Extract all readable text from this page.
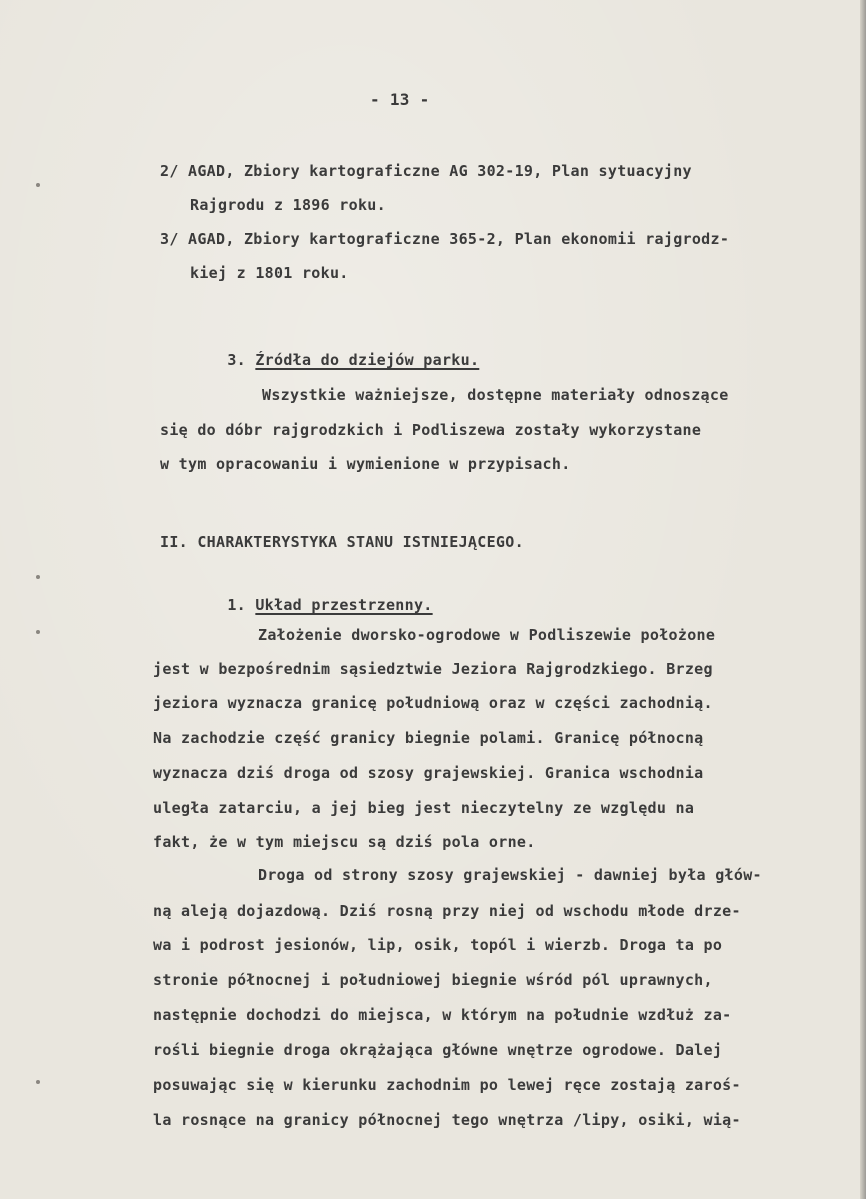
- 13 -
2/ AGAD, Zbiory kartograficzne AG 302-19, Plan sytuacyjny
Rajgrodu z 1896 roku.
3/ AGAD, Zbiory kartograficzne 365-2, Plan ekonomii rajgrodz-
kiej z 1801 roku.

3. Źródła do dziejów parku.

Wszystkie ważniejsze, dostępne materiały odnoszące
się do dóbr rajgrodzkich i Podliszewa zostały wykorzystane
w tym opracowaniu i wymienione w przypisach.
II. CHARAKTERYSTYKA STANU ISTNIEJĄCEGO.

1. Układ przestrzenny.

Założenie dworsko-ogrodowe w Podliszewie położone
jest w bezpośrednim sąsiedztwie Jeziora Rajgrodzkiego. Brzeg
jeziora wyznacza granicę południową oraz w części zachodnią.
Na zachodzie część granicy biegnie polami. Granicę północną
wyznacza dziś droga od szosy grajewskiej. Granica wschodnia
uległa zatarciu, a jej bieg jest nieczytelny ze względu na
fakt, że w tym miejscu są dziś pola orne.
Droga od strony szosy grajewskiej - dawniej była głów-
ną aleją dojazdową. Dziś rosną przy niej od wschodu młode drze-
wa i podrost jesionów, lip, osik, topól i wierzb. Droga ta po
stronie północnej i południowej biegnie wśród pól uprawnych,
następnie dochodzi do miejsca, w którym na południe wzdłuż za-
rośli biegnie droga okrążająca główne wnętrze ogrodowe. Dalej
posuwając się w kierunku zachodnim po lewej ręce zostają zaroś-
la rosnące na granicy północnej tego wnętrza /lipy, osiki, wią-
